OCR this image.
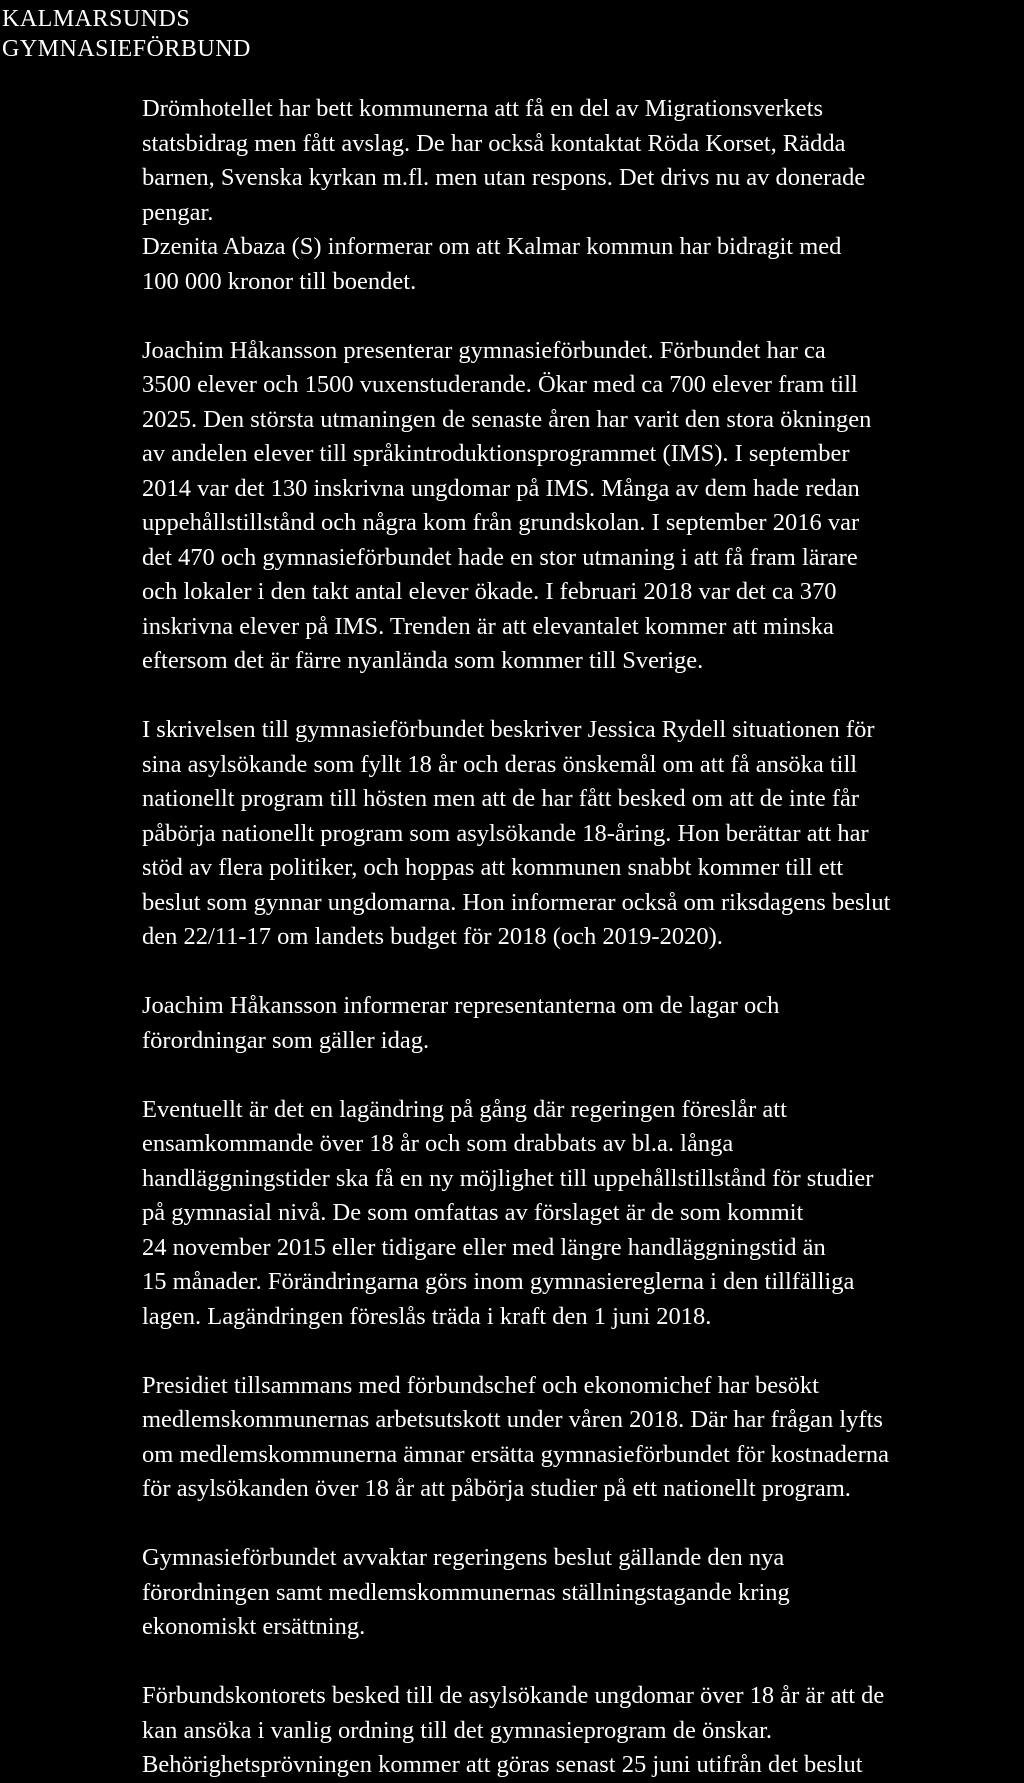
KALMARSUNDS
GYMNASIEFÖRBUND
Drömhotellet har bett kommunerna att få en del av Migrationsverkets
statsbidrag men fått avslag. De har också kontaktat Röda Korset, Rädda
barnen, Svenska kyrkan m.fl. men utan respons. Det drivs nu av donerade
pengar.
Dzenita Abaza (S) informerar om att Kalmar kommun har bidragit med
100 000 kronor till boendet.
Joachim Håkansson presenterar gymnasieförbundet. Förbundet har ca
3500 elever och 1500 vuxenstuderande. Ökar med ca 700 elever fram till
2025. Den största utmaningen de senaste åren har varit den stora ökningen
av andelen elever till språkintroduktionsprogrammet (IMS). I september
2014 var det 130 inskrivna ungdomar på IMS. Många av dem hade redan
uppehållstillstånd och några kom från grundskolan. I september 2016 var
det 470 och gymnasieförbundet hade en stor utmaning i att få fram lärare
och lokaler i den takt antal elever ökade. I februari 2018 var det ca 370
inskrivna elever på IMS. Trenden är att elevantalet kommer att minska
eftersom det är färre nyanlända som kommer till Sverige.
I skrivelsen till gymnasieförbundet beskriver Jessica Rydell situationen för
sina asylsökande som fyllt 18 år och deras önskemål om att få ansöka till
nationellt program till hösten men att de har fått besked om att de inte får
påbörja nationellt program som asylsökande 18-åring. Hon berättar att har
stöd av flera politiker, och hoppas att kommunen snabbt kommer till ett
beslut som gynnar ungdomarna. Hon informerar också om riksdagens beslut
den 22/11-17 om landets budget för 2018 (och 2019-2020).
Joachim Håkansson informerar representanterna om de lagar och
förordningar som gäller idag.
Eventuellt är det en lagändring på gång där regeringen föreslår att
ensamkommande över 18 år och som drabbats av bl.a. långa
handläggningstider ska få en ny möjlighet till uppehållstillstånd för studier
på gymnasial nivå. De som omfattas av förslaget är de som kommit
24 november 2015 eller tidigare eller med längre handläggningstid än
15 månader. Förändringarna görs inom gymnasiereglerna i den tillfälliga
lagen. Lagändringen föreslås träda i kraft den 1 juni 2018.
Presidiet tillsammans med förbundschef och ekonomichef har besökt
medlemskommunernas arbetsutskott under våren 2018. Där har frågan lyfts
om medlemskommunerna ämnar ersätta gymnasieförbundet för kostnaderna
för asylsökanden över 18 år att påbörja studier på ett nationellt program.
Gymnasieförbundet avvaktar regeringens beslut gällande den nya
förordningen samt medlemskommunernas ställningstagande kring
ekonomiskt ersättning.
Förbundskontorets besked till de asylsökande ungdomar över 18 år är att de
kan ansöka i vanlig ordning till det gymnasieprogram de önskar.
Behörighetsprövningen kommer att göras senast 25 juni utifrån det beslut
